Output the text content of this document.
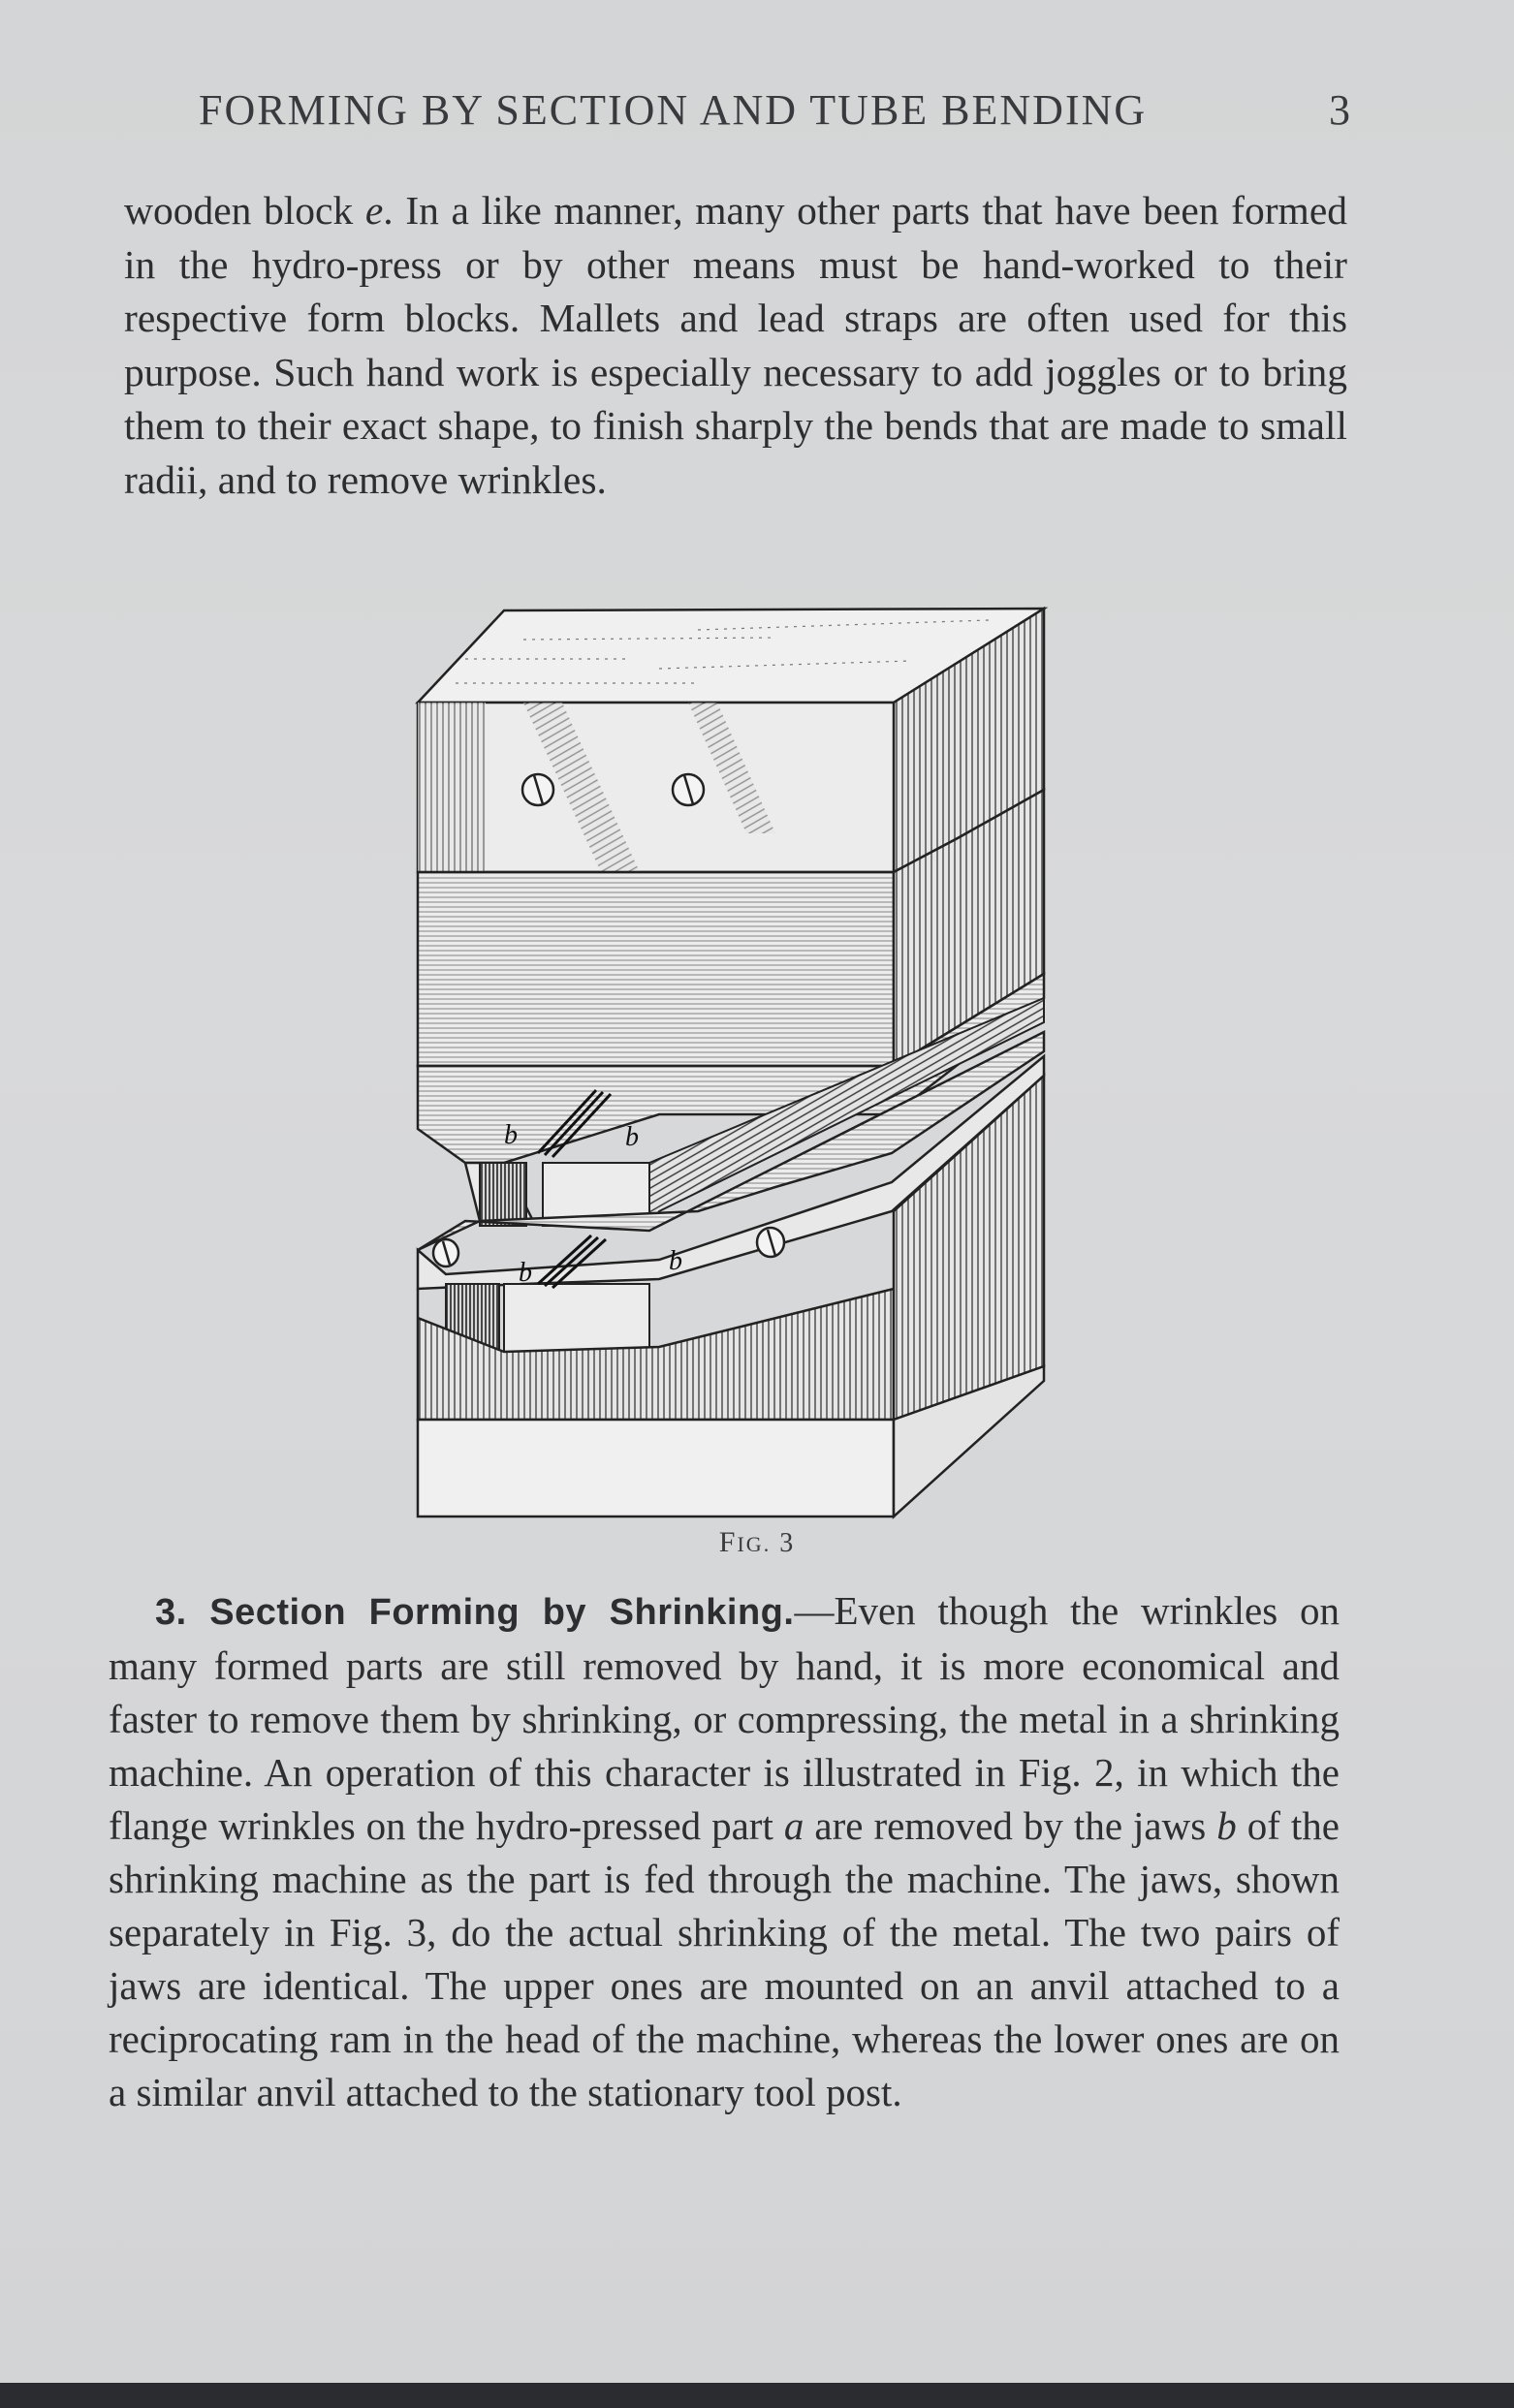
FORMING BY SECTION AND TUBE BENDING	3

wooden block e. In a like manner, many other parts that have been formed in the hydro-press or by other means must be hand-worked to their respective form blocks. Mallets and lead straps are often used for this purpose. Such hand work is especially necessary to add joggles or to bring them to their exact shape, to finish sharply the bends that are made to small radii, and to remove wrinkles.

b	b
b	b
FIG. 3

3. Section Forming by Shrinking.—Even though the wrinkles on many formed parts are still removed by hand, it is more economical and faster to remove them by shrinking, or compressing, the metal in a shrinking machine. An operation of this character is illustrated in Fig. 2, in which the flange wrinkles on the hydro-pressed part a are removed by the jaws b of the shrinking machine as the part is fed through the machine. The jaws, shown separately in Fig. 3, do the actual shrinking of the metal. The two pairs of jaws are identical. The upper ones are mounted on an anvil attached to a reciprocating ram in the head of the machine, whereas the lower ones are on a similar anvil attached to the stationary tool post.
